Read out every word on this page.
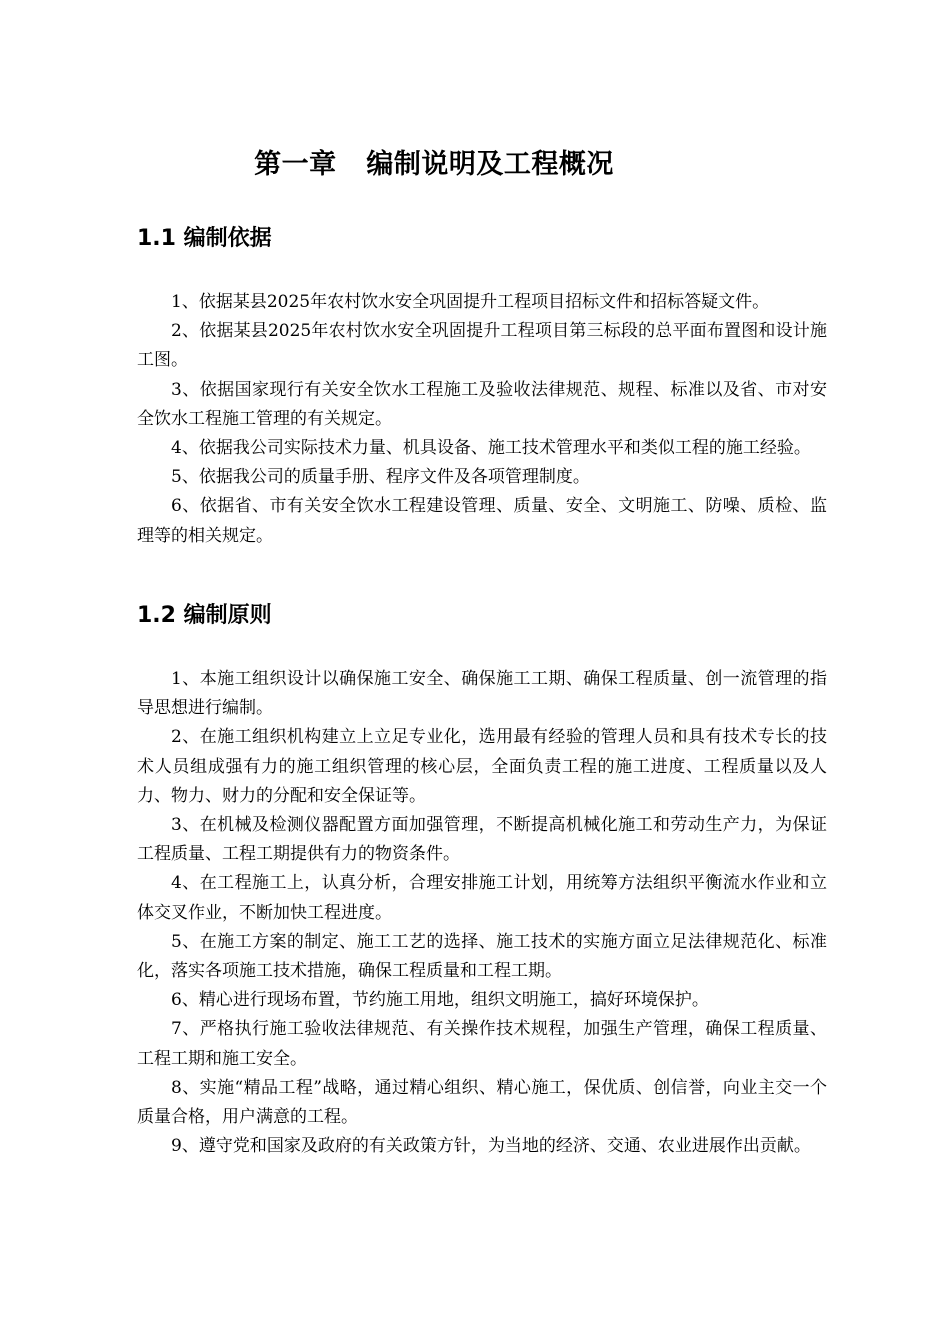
第一章   编制说明及工程概况
1.1 编制依据

1、依据某县2025年农村饮水安全巩固提升工程项目招标文件和招标答疑文件。

2、依据某县2025年农村饮水安全巩固提升工程项目第三标段的总平面布置图和设计施工图。

3、依据国家现行有关安全饮水工程施工及验收法律规范、规程、标准以及省、市对安全饮水工程施工管理的有关规定。

4、依据我公司实际技术力量、机具设备、施工技术管理水平和类似工程的施工经验。

5、依据我公司的质量手册、程序文件及各项管理制度。

6、依据省、市有关安全饮水工程建设管理、质量、安全、文明施工、防噪、质检、监理等的相关规定。

1.2 编制原则

1、本施工组织设计以确保施工安全、确保施工工期、确保工程质量、创一流管理的指导思想进行编制。

2、在施工组织机构建立上立足专业化，选用最有经验的管理人员和具有技术专长的技术人员组成强有力的施工组织管理的核心层，全面负责工程的施工进度、工程质量以及人力、物力、财力的分配和安全保证等。

3、在机械及检测仪器配置方面加强管理，不断提高机械化施工和劳动生产力，为保证工程质量、工程工期提供有力的物资条件。

4、在工程施工上，认真分析，合理安排施工计划，用统筹方法组织平衡流水作业和立体交叉作业，不断加快工程进度。

5、在施工方案的制定、施工工艺的选择、施工技术的实施方面立足法律规范化、标准化，落实各项施工技术措施，确保工程质量和工程工期。

6、精心进行现场布置，节约施工用地，组织文明施工，搞好环境保护。

7、严格执行施工验收法律规范、有关操作技术规程，加强生产管理，确保工程质量、工程工期和施工安全。

8、实施“精品工程”战略，通过精心组织、精心施工，保优质、创信誉，向业主交一个质量合格，用户满意的工程。

9、遵守党和国家及政府的有关政策方针，为当地的经济、交通、农业进展作出贡献。
